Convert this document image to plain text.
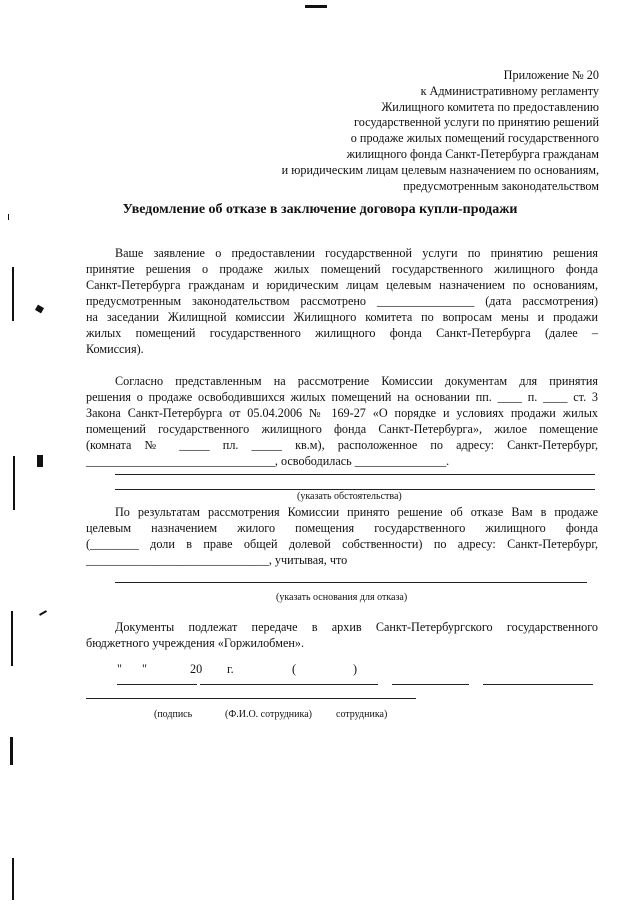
Приложение № 20
к Административному регламенту
Жилищного комитета по предоставлению
государственной услуги по принятию решений
о продаже жилых помещений государственного
жилищного фонда Санкт-Петербурга гражданам
и юридическим лицам целевым назначением по основаниям,
предусмотренным законодательством
Уведомление об отказе в заключение договора купли-продажи
Ваше заявление о предоставлении государственной услуги по принятию решения
принятие решения о продаже жилых помещений государственного жилищного фонда
Санкт-Петербурга гражданам и юридическим лицам целевым назначением по основаниям,
предусмотренным законодательством рассмотрено ________________ (дата рассмотрения)
на заседании Жилищной комиссии Жилищного комитета по вопросам мены и продажи
жилых помещений государственного жилищного фонда Санкт-Петербурга (далее –
Комиссия).
Согласно представленным на рассмотрение Комиссии документам для принятия
решения о продаже освободившихся жилых помещений на основании пп. ____ п. ____ ст. 3
Закона Санкт-Петербурга от 05.04.2006 № 169-27 «О порядке и условиях продажи жилых
помещений государственного жилищного фонда Санкт-Петербурга», жилое помещение
(комната № _____ пл. _____ кв.м), расположенное по адресу: Санкт-Петербург,
_______________________________, освободилась _______________.
(указать обстоятельства)
По результатам рассмотрения Комиссии принято решение об отказе Вам в продаже
целевым назначением жилого помещения государственного жилищного фонда
(________ доли в праве общей долевой собственности) по адресу: Санкт-Петербург,
______________________________, учитывая, что
(указать основания для отказа)
Документы подлежат передаче в архив Санкт-Петербургского государственного
бюджетного учреждения «Горжилобмен».
" "	20 г.	(	)
(подпись	(Ф.И.О. сотрудника) сотрудника)
